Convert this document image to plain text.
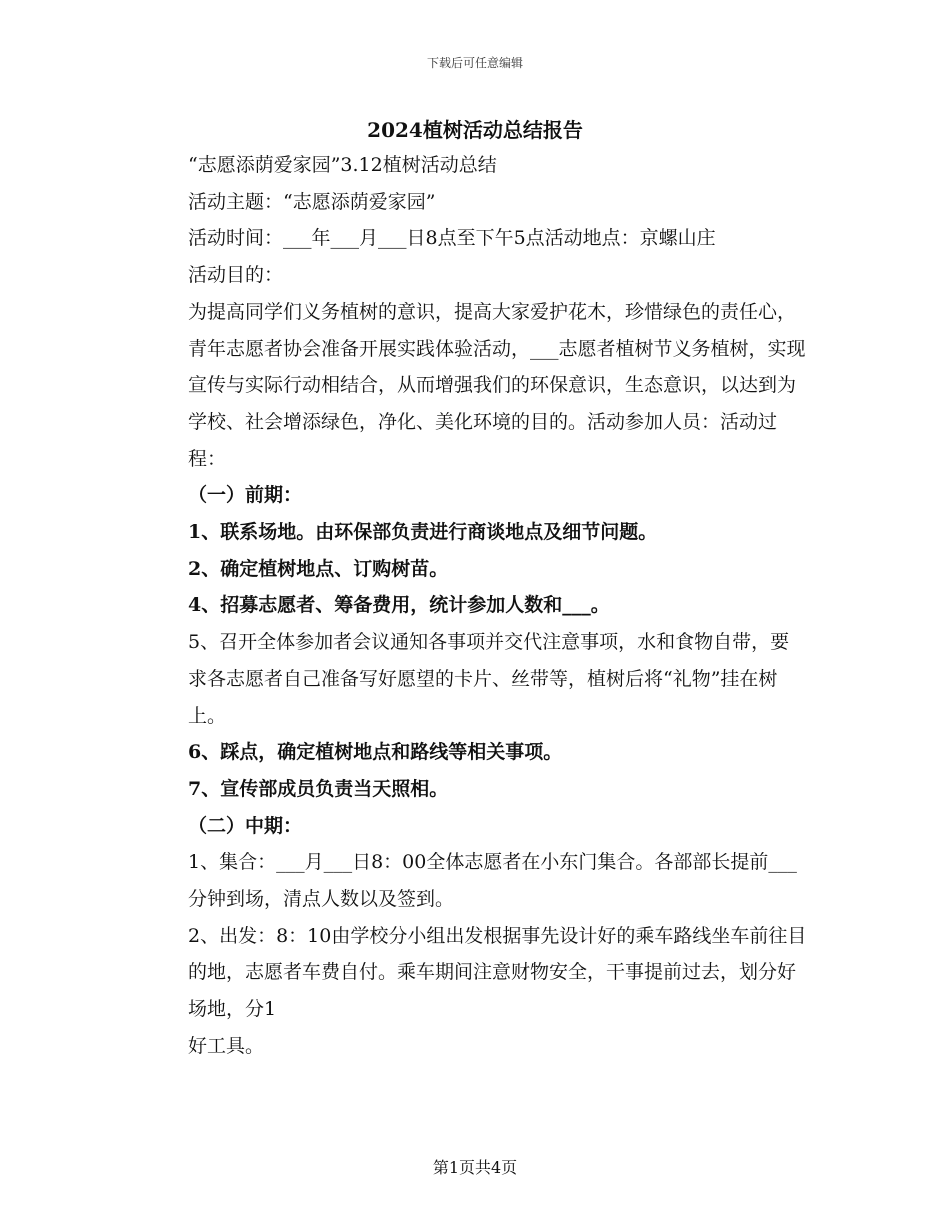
下载后可任意编辑
2024植树活动总结报告

“志愿添荫爱家园”3.12植树活动总结

活动主题：“志愿添荫爱家园”

活动时间：___年___月___日8点至下午5点活动地点：京螺山庄

活动目的：

为提高同学们义务植树的意识，提高大家爱护花木，珍惜绿色的责任心，青年志愿者协会准备开展实践体验活动，___志愿者植树节义务植树，实现宣传与实际行动相结合，从而增强我们的环保意识，生态意识，以达到为学校、社会增添绿色，净化、美化环境的目的。活动参加人员：活动过程：

（一）前期：

1、联系场地。由环保部负责进行商谈地点及细节问题。

2、确定植树地点、订购树苗。

4、招募志愿者、筹备费用，统计参加人数和___。

5、召开全体参加者会议通知各事项并交代注意事项，水和食物自带，要求各志愿者自己准备写好愿望的卡片、丝带等，植树后将“礼物”挂在树上。

6、踩点，确定植树地点和路线等相关事项。

7、宣传部成员负责当天照相。

（二）中期：

1、集合：___月___日8：00全体志愿者在小东门集合。各部部长提前___分钟到场，清点人数以及签到。

2、出发：8：10由学校分小组出发根据事先设计好的乘车路线坐车前往目的地，志愿者车费自付。乘车期间注意财物安全，干事提前过去，划分好场地，分1

好工具。

第1页共4页
